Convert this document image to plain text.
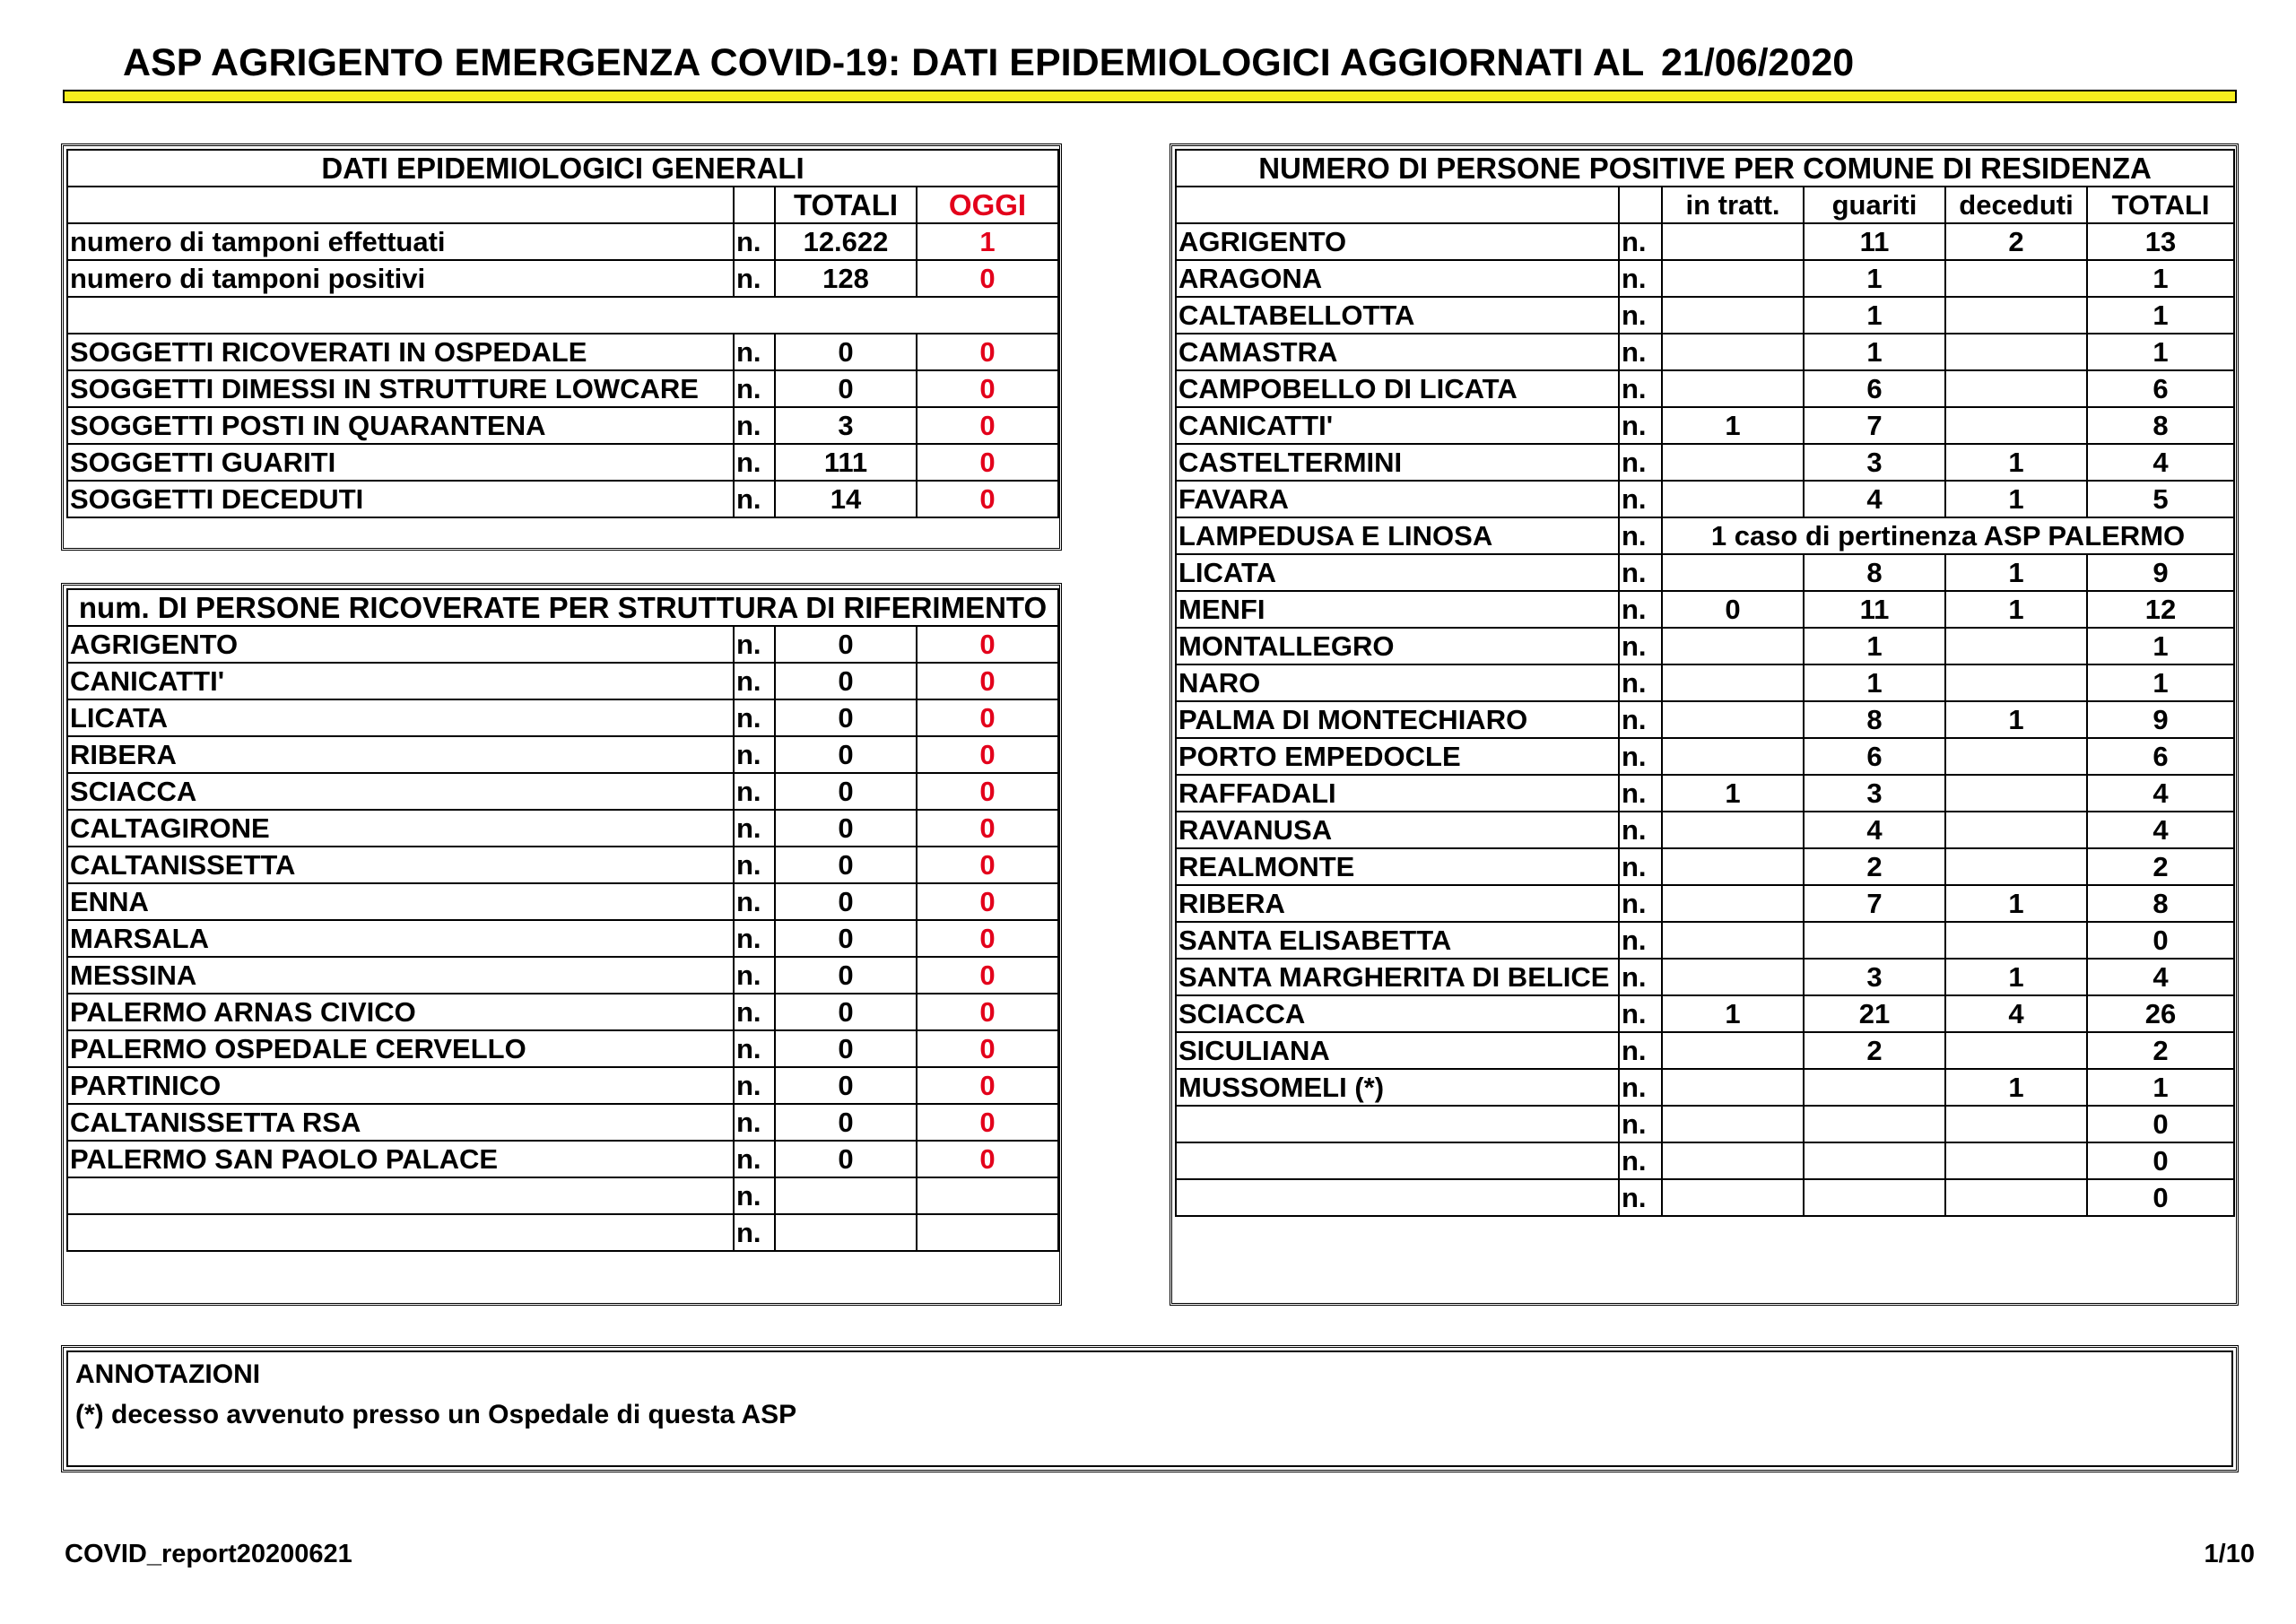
ASP AGRIGENTO EMERGENZA COVID-19: DATI EPIDEMIOLOGICI AGGIORNATI AL 21/06/2020
DATI EPIDEMIOLOGICI GENERALI			
		TOTALI	OGGI
numero di tamponi effettuati	n.	12.622	1
numero di tamponi positivi	n.	128	0

SOGGETTI RICOVERATI IN OSPEDALE	n.	0	0
SOGGETTI DIMESSI IN STRUTTURE LOWCARE	n.	0	0
SOGGETTI POSTI IN QUARANTENA	n.	3	0
SOGGETTI GUARITI	n.	111	0
SOGGETTI DECEDUTI	n.	14	0
num. DI PERSONE RICOVERATE PER STRUTTURA DI RIFERIMENTO			
AGRIGENTO	n.	0	0
CANICATTI'	n.	0	0
LICATA	n.	0	0
RIBERA	n.	0	0
SCIACCA	n.	0	0
CALTAGIRONE	n.	0	0
CALTANISSETTA	n.	0	0
ENNA	n.	0	0
MARSALA	n.	0	0
MESSINA	n.	0	0
PALERMO ARNAS CIVICO	n.	0	0
PALERMO OSPEDALE CERVELLO	n.	0	0
PARTINICO	n.	0	0
CALTANISSETTA RSA	n.	0	0
PALERMO SAN PAOLO PALACE	n.	0	0
	n.		
	n.		
NUMERO DI PERSONE POSITIVE PER COMUNE DI RESIDENZA					
		in tratt.	guariti	deceduti	TOTALI
AGRIGENTO	n.		11	2	13
ARAGONA	n.		1		1
CALTABELLOTTA	n.		1		1
CAMASTRA	n.		1		1
CAMPOBELLO DI LICATA	n.		6		6
CANICATTI'	n.	1	7		8
CASTELTERMINI	n.		3	1	4
FAVARA	n.		4	1	5
LAMPEDUSA E LINOSA	n.	1 caso di pertinenza ASP PALERMO			
LICATA	n.		8	1	9
MENFI	n.	0	11	1	12
MONTALLEGRO	n.		1		1
NARO	n.		1		1
PALMA DI MONTECHIARO	n.		8	1	9
PORTO EMPEDOCLE	n.		6		6
RAFFADALI	n.	1	3		4
RAVANUSA	n.		4		4
REALMONTE	n.		2		2
RIBERA	n.		7	1	8
SANTA ELISABETTA	n.				0
SANTA MARGHERITA DI BELICE	n.		3	1	4
SCIACCA	n.	1	21	4	26
SICULIANA	n.		2		2
MUSSOMELI (*)	n.			1	1
	n.				0
	n.				0
	n.				0
ANNOTAZIONI
(*) decesso avvenuto presso un Ospedale di questa ASP
COVID_report20200621	1/10
